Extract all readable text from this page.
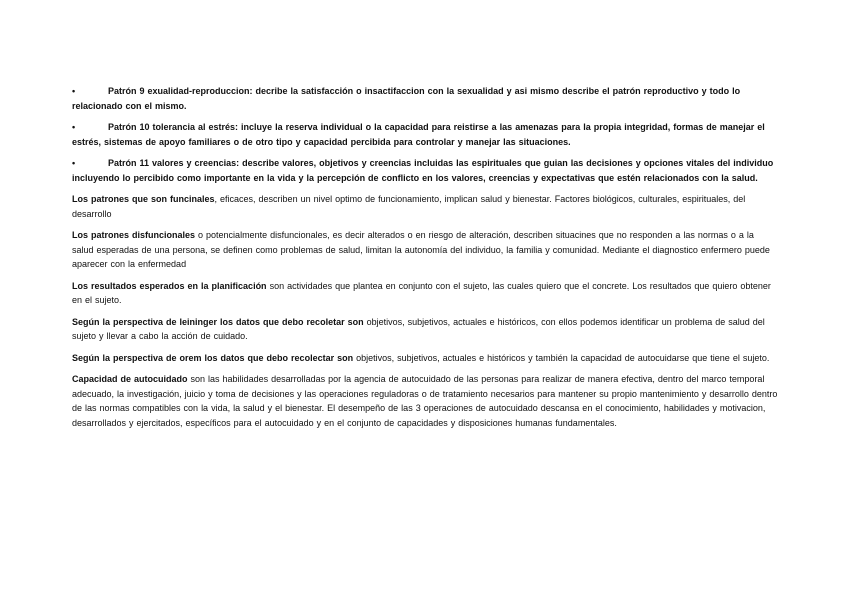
•	Patrón 9 exualidad-reproduccion: decribe la satisfacción o insactifaccion con la sexualidad y asi mismo describe el patrón reproductivo y todo lo relacionado con el mismo.

•	Patrón 10 tolerancia al estrés: incluye la reserva individual o la capacidad para reistirse a las amenazas para la propia integridad, formas de manejar el estrés, sistemas de apoyo familiares o de otro tipo y capacidad percibida para controlar y manejar las situaciones.

•	Patrón 11 valores y creencias: describe valores, objetivos y creencias incluidas las espirituales que guian las decisiones y opciones vitales del individuo incluyendo lo percibido como importante en la vida y la percepción de conflicto en los valores, creencias y expectativas que estén relacionados con la salud.

Los patrones que son funcinales, eficaces, describen un nivel optimo de funcionamiento, implican salud y bienestar. Factores biológicos, culturales, espirituales, del desarrollo

Los patrones disfuncionales o potencialmente disfuncionales, es decir alterados o en riesgo de alteración, describen situacines que no responden a las normas o a la salud esperadas de una persona, se definen como problemas de salud, limitan la autonomía del individuo, la familia y comunidad. Mediante el diagnostico enfermero puede aparecer con la enfermedad

Los resultados esperados en la planificación son actividades que plantea en conjunto con el sujeto, las cuales quiero que el concrete. Los resultados que quiero obtener en el sujeto.

Según la perspectiva de leininger los datos que debo recoletar son objetivos, subjetivos, actuales e históricos, con ellos podemos identificar un problema de salud del sujeto y llevar a cabo la acción de cuidado.

Según la perspectiva de orem los datos que debo recolectar son objetivos, subjetivos, actuales e históricos y también la capacidad de autocuidarse que tiene el sujeto.

Capacidad de autocuidado son las habilidades desarrolladas por la agencia de autocuidado de las personas para realizar de manera efectiva, dentro del marco temporal adecuado, la investigación, juicio y toma de decisiones y las operaciones reguladoras o de tratamiento necesarios para mantener su propio mantenimiento y desarrollo dentro de las normas compatibles con la vida, la salud y el bienestar. El desempeño de las 3 operaciones de autocuidado descansa en el conocimiento, habilidades y motivacion, desarrollados y ejercitados, específicos para el autocuidado y en el conjunto de capacidades y disposiciones humanas fundamentales.
